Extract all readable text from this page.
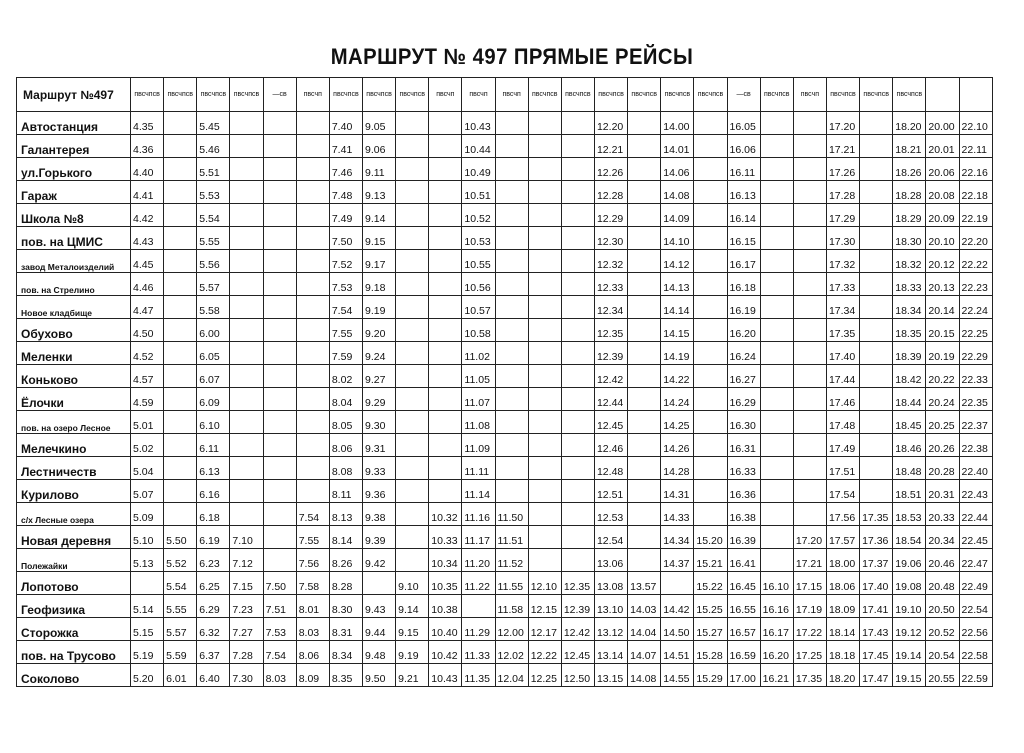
МАРШРУТ № 497 ПРЯМЫЕ РЕЙСЫ
Маршрут №497	пвсчпсв	пвсчпсв	пвсчпсв	пвсчпсв	—св	пвсчп	пвсчпсв	пвсчпсв	пвсчпсв	пвсчп	пвсчп	пвсчп	пвсчпсв	пвсчпсв	пвсчпсв	пвсчпсв	пвсчпсв	пвсчпсв	—св	пвсчпсв	пвсчп	пвсчпсв	пвсчпсв	пвсчпсв		
Автостанция	4.35		5.45				7.40	9.05			10.43				12.20		14.00		16.05			17.20		18.20	20.00	22.10
Галантерея	4.36		5.46				7.41	9.06			10.44				12.21		14.01		16.06			17.21		18.21	20.01	22.11
ул.Горького	4.40		5.51				7.46	9.11			10.49				12.26		14.06		16.11			17.26		18.26	20.06	22.16
Гараж	4.41		5.53				7.48	9.13			10.51				12.28		14.08		16.13			17.28		18.28	20.08	22.18
Школа №8	4.42		5.54				7.49	9.14			10.52				12.29		14.09		16.14			17.29		18.29	20.09	22.19
пов. на ЦМИС	4.43		5.55				7.50	9.15			10.53				12.30		14.10		16.15			17.30		18.30	20.10	22.20
завод Металоизделий	4.45		5.56				7.52	9.17			10.55				12.32		14.12		16.17			17.32		18.32	20.12	22.22
пов. на Стрелино	4.46		5.57				7.53	9.18			10.56				12.33		14.13		16.18			17.33		18.33	20.13	22.23
Новое кладбище	4.47		5.58				7.54	9.19			10.57				12.34		14.14		16.19			17.34		18.34	20.14	22.24
Обухово	4.50		6.00				7.55	9.20			10.58				12.35		14.15		16.20			17.35		18.35	20.15	22.25
Меленки	4.52		6.05				7.59	9.24			11.02				12.39		14.19		16.24			17.40		18.39	20.19	22.29
Коньково	4.57		6.07				8.02	9.27			11.05				12.42		14.22		16.27			17.44		18.42	20.22	22.33
Ёлочки	4.59		6.09				8.04	9.29			11.07				12.44		14.24		16.29			17.46		18.44	20.24	22.35
пов. на озеро Лесное	5.01		6.10				8.05	9.30			11.08				12.45		14.25		16.30			17.48		18.45	20.25	22.37
Мелечкино	5.02		6.11				8.06	9.31			11.09				12.46		14.26		16.31			17.49		18.46	20.26	22.38
Лестничеств	5.04		6.13				8.08	9.33			11.11				12.48		14.28		16.33			17.51		18.48	20.28	22.40
Курилово	5.07		6.16				8.11	9.36			11.14				12.51		14.31		16.36			17.54		18.51	20.31	22.43
с/х Лесные озера	5.09		6.18			7.54	8.13	9.38		10.32	11.16	11.50			12.53		14.33		16.38			17.56	17.35	18.53	20.33	22.44
Новая деревня	5.10	5.50	6.19	7.10		7.55	8.14	9.39		10.33	11.17	11.51			12.54		14.34	15.20	16.39		17.20	17.57	17.36	18.54	20.34	22.45
Полежайки	5.13	5.52	6.23	7.12		7.56	8.26	9.42		10.34	11.20	11.52			13.06		14.37	15.21	16.41		17.21	18.00	17.37	19.06	20.46	22.47
Лопотово		5.54	6.25	7.15	7.50	7.58	8.28		9.10	10.35	11.22	11.55	12.10	12.35	13.08	13.57		15.22	16.45	16.10	17.15	18.06	17.40	19.08	20.48	22.49
Геофизика	5.14	5.55	6.29	7.23	7.51	8.01	8.30	9.43	9.14	10.38		11.58	12.15	12.39	13.10	14.03	14.42	15.25	16.55	16.16	17.19	18.09	17.41	19.10	20.50	22.54
Сторожка	5.15	5.57	6.32	7.27	7.53	8.03	8.31	9.44	9.15	10.40	11.29	12.00	12.17	12.42	13.12	14.04	14.50	15.27	16.57	16.17	17.22	18.14	17.43	19.12	20.52	22.56
пов. на Трусово	5.19	5.59	6.37	7.28	7.54	8.06	8.34	9.48	9.19	10.42	11.33	12.02	12.22	12.45	13.14	14.07	14.51	15.28	16.59	16.20	17.25	18.18	17.45	19.14	20.54	22.58
Соколово	5.20	6.01	6.40	7.30	8.03	8.09	8.35	9.50	9.21	10.43	11.35	12.04	12.25	12.50	13.15	14.08	14.55	15.29	17.00	16.21	17.35	18.20	17.47	19.15	20.55	22.59
